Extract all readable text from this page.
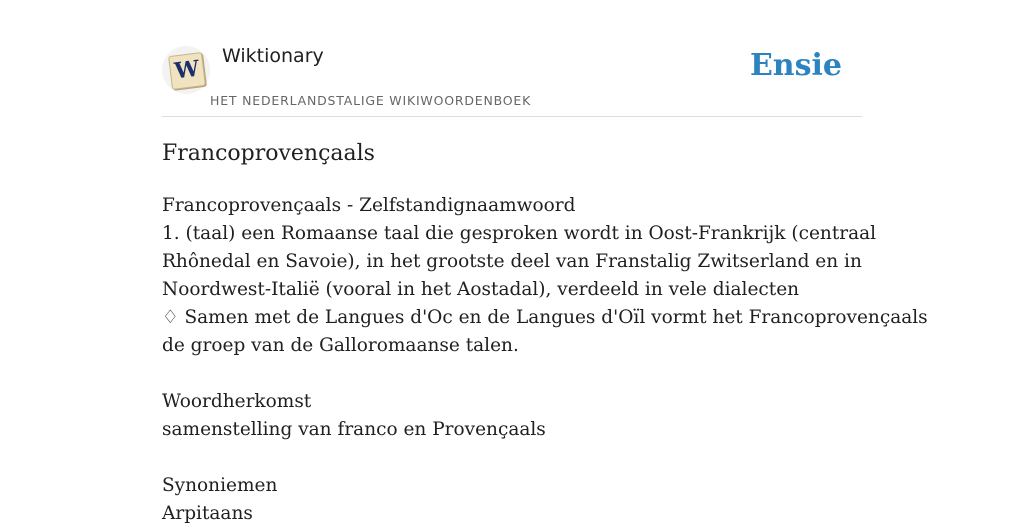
W Wiktionary
HET NEDERLANDSTALIGE WIKIWOORDENBOEK
Ensie
Francoprovençaals
Francoprovençaals - Zelfstandignaamwoord
1. (taal) een Romaanse taal die gesproken wordt in Oost-Frankrijk (centraal
Rhônedal en Savoie), in het grootste deel van Franstalig Zwitserland en in
Noordwest-Italië (vooral in het Aostadal), verdeeld in vele dialecten
♢ Samen met de Langues d'Oc en de Langues d'Oïl vormt het Francoprovençaals
de groep van de Galloromaanse talen.
Woordherkomst
samenstelling van franco en Provençaals
Synoniemen
Arpitaans
